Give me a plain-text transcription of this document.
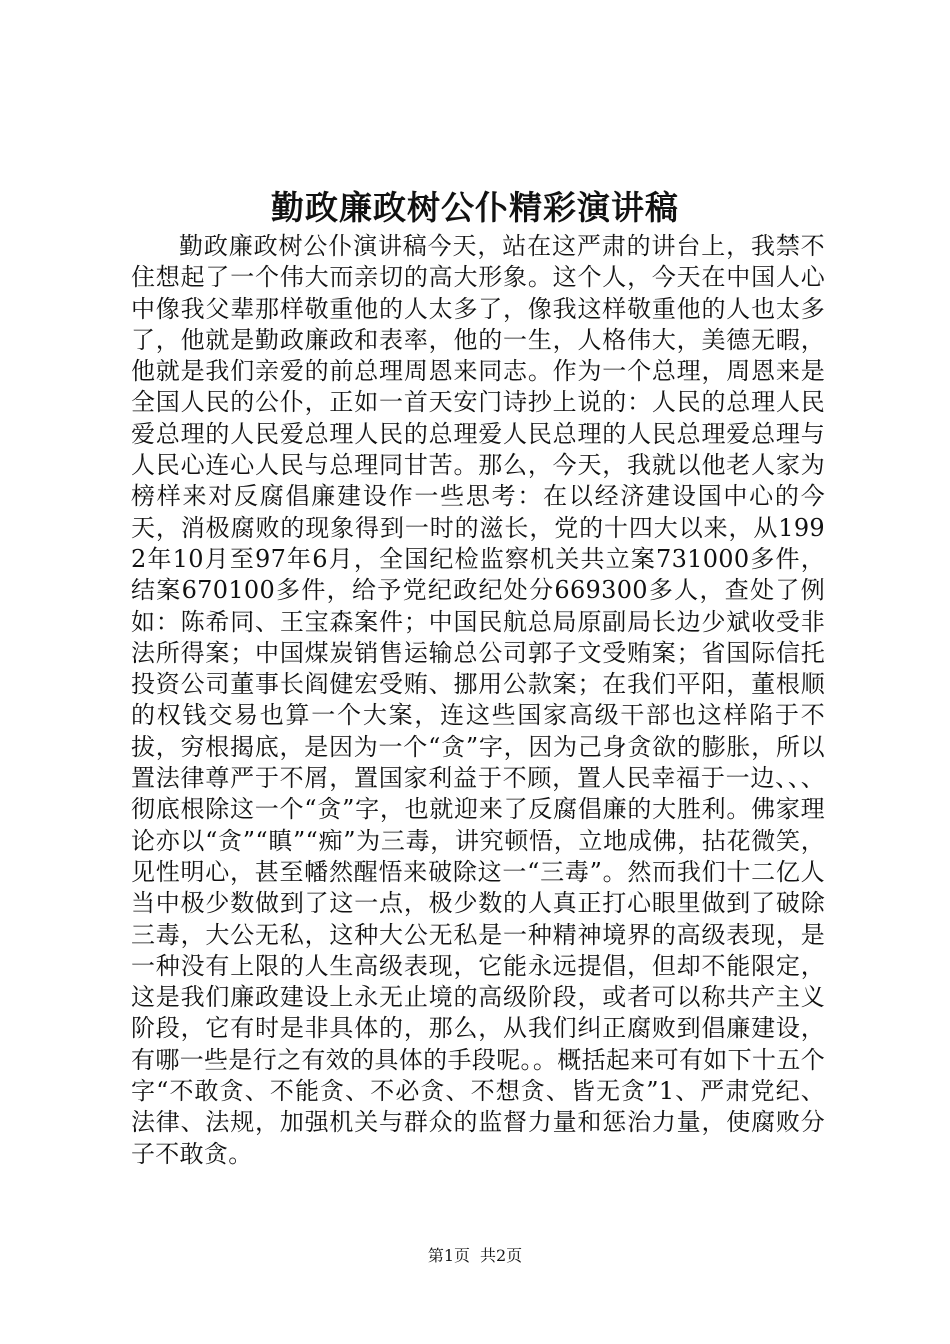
勤政廉政树公仆精彩演讲稿

勤政廉政树公仆演讲稿今天，站在这严肃的讲台上，我禁不住想起了一个伟大而亲切的高大形象。这个人，今天在中国人心中像我父辈那样敬重他的人太多了，像我这样敬重他的人也太多了，他就是勤政廉政和表率，他的一生，人格伟大，美德无暇，他就是我们亲爱的前总理周恩来同志。作为一个总理，周恩来是全国人民的公仆，正如一首天安门诗抄上说的：人民的总理人民爱总理的人民爱总理人民的总理爱人民总理的人民总理爱总理与人民心连心人民与总理同甘苦。那么，今天，我就以他老人家为榜样来对反腐倡廉建设作一些思考：在以经济建设国中心的今天，消极腐败的现象得到一时的滋长，党的十四大以来，从1992年10月至97年6月，全国纪检监察机关共立案731000多件，结案670100多件，给予党纪政纪处分669300多人，查处了例如：陈希同、王宝森案件；中国民航总局原副局长边少斌收受非法所得案；中国煤炭销售运输总公司郭子文受贿案；省国际信托投资公司董事长阎健宏受贿、挪用公款案；在我们平阳，董根顺的权钱交易也算一个大案，连这些国家高级干部也这样陷于不拔，穷根揭底，是因为一个“贪”字，因为己身贪欲的膨胀，所以置法律尊严于不屑，置国家利益于不顾，置人民幸福于一边、、、彻底根除这一个“贪”字，也就迎来了反腐倡廉的大胜利。佛家理论亦以“贪”“瞋”“痴”为三毒，讲究顿悟，立地成佛，拈花微笑，见性明心，甚至幡然醒悟来破除这一“三毒”。然而我们十二亿人当中极少数做到了这一点，极少数的人真正打心眼里做到了破除三毒，大公无私，这种大公无私是一种精神境界的高级表现，是一种没有上限的人生高级表现，它能永远提倡，但却不能限定，这是我们廉政建设上永无止境的高级阶段，或者可以称共产主义阶段，它有时是非具体的，那么，从我们纠正腐败到倡廉建设，有哪一些是行之有效的具体的手段呢。。概括起来可有如下十五个字“不敢贪、不能贪、不必贪、不想贪、皆无贪”1、严肃党纪、法律、法规，加强机关与群众的监督力量和惩治力量，使腐败分子不敢贪。

第1页 共2页
